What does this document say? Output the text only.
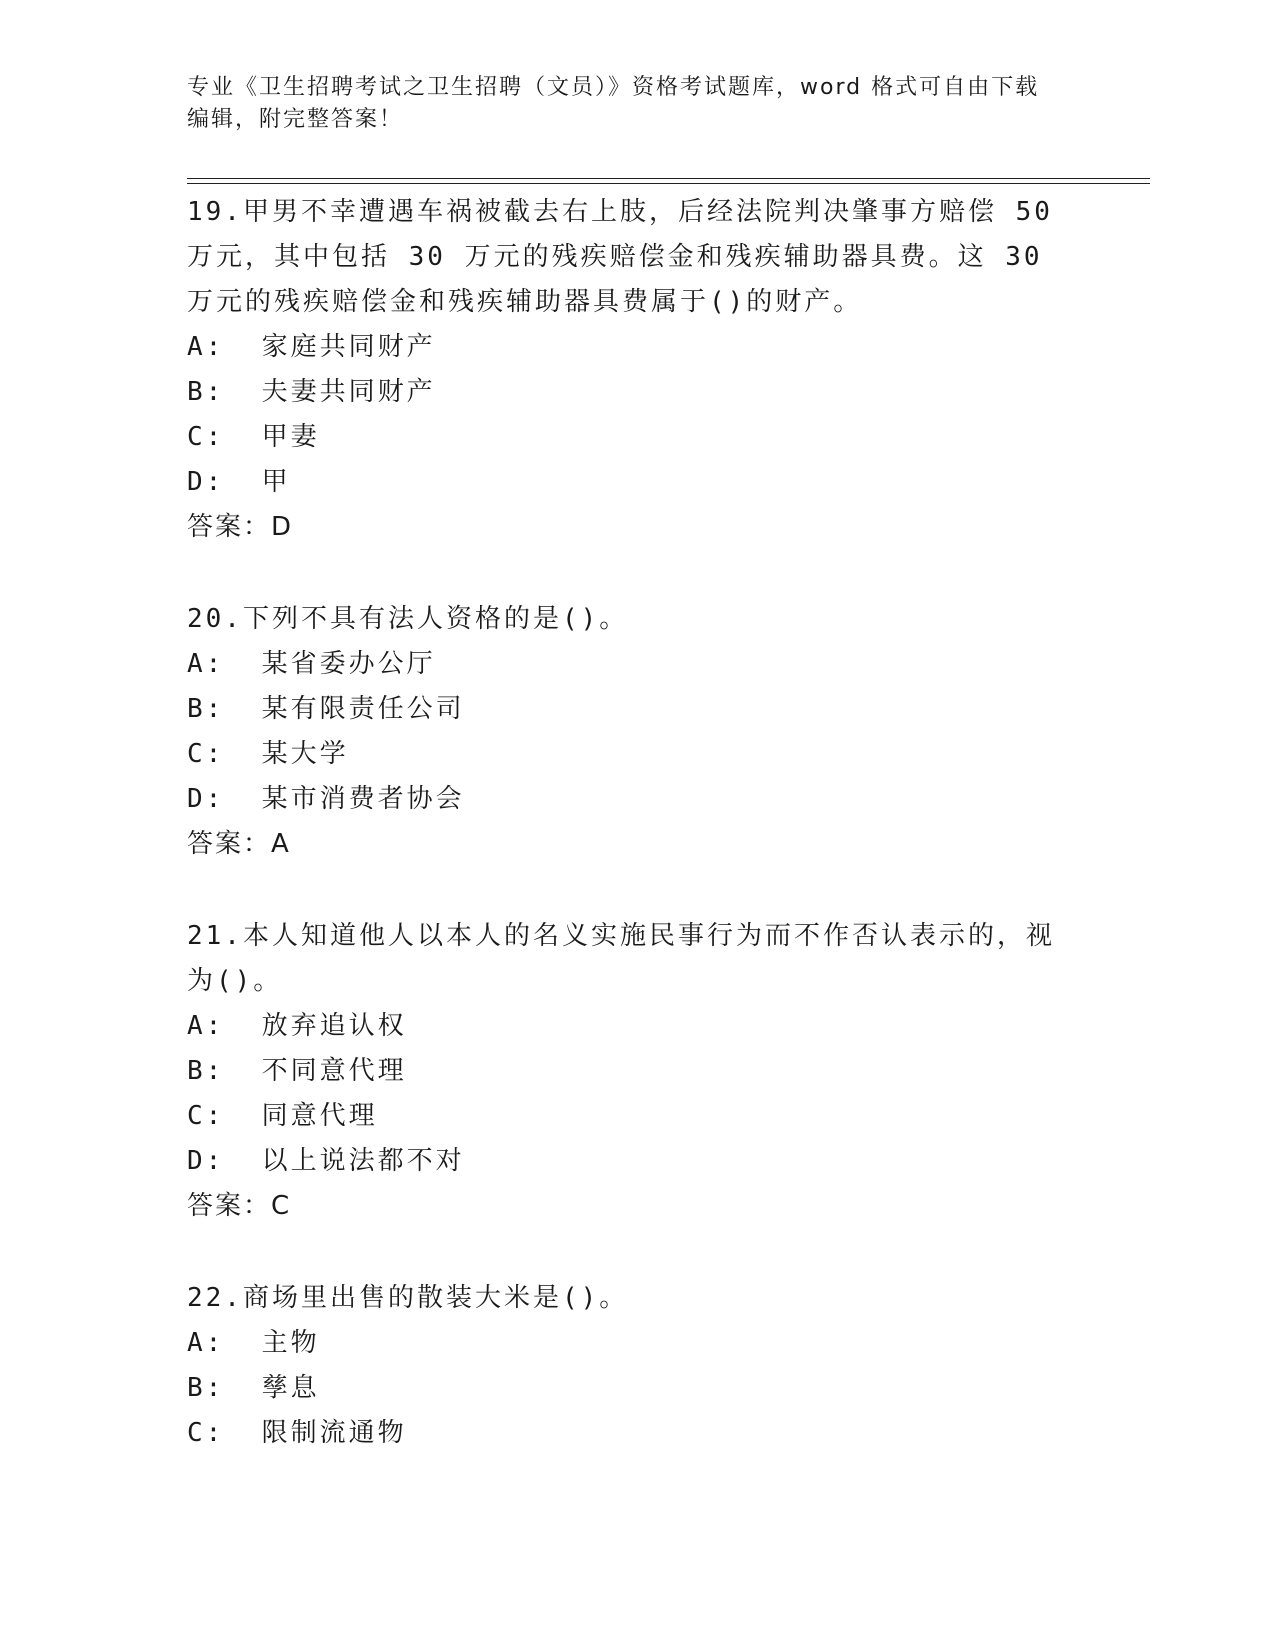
专业《卫生招聘考试之卫生招聘（文员）》资格考试题库，word 格式可自由下载
编辑，附完整答案！
19.甲男不幸遭遇车祸被截去右上肢，后经法院判决肇事方赔偿 50 万元，其中包括 30 万元的残疾赔偿金和残疾辅助器具费。这 30 万元的残疾赔偿金和残疾辅助器具费属于()的财产。
A:  家庭共同财产
B:  夫妻共同财产
C:  甲妻
D:  甲
答案：D
20.下列不具有法人资格的是()。
A:  某省委办公厅
B:  某有限责任公司
C:  某大学
D:  某市消费者协会
答案：A
21.本人知道他人以本人的名义实施民事行为而不作否认表示的，视为()。
A:  放弃追认权
B:  不同意代理
C:  同意代理
D:  以上说法都不对
答案：C
22.商场里出售的散装大米是()。
A:  主物
B:  孳息
C:  限制流通物
